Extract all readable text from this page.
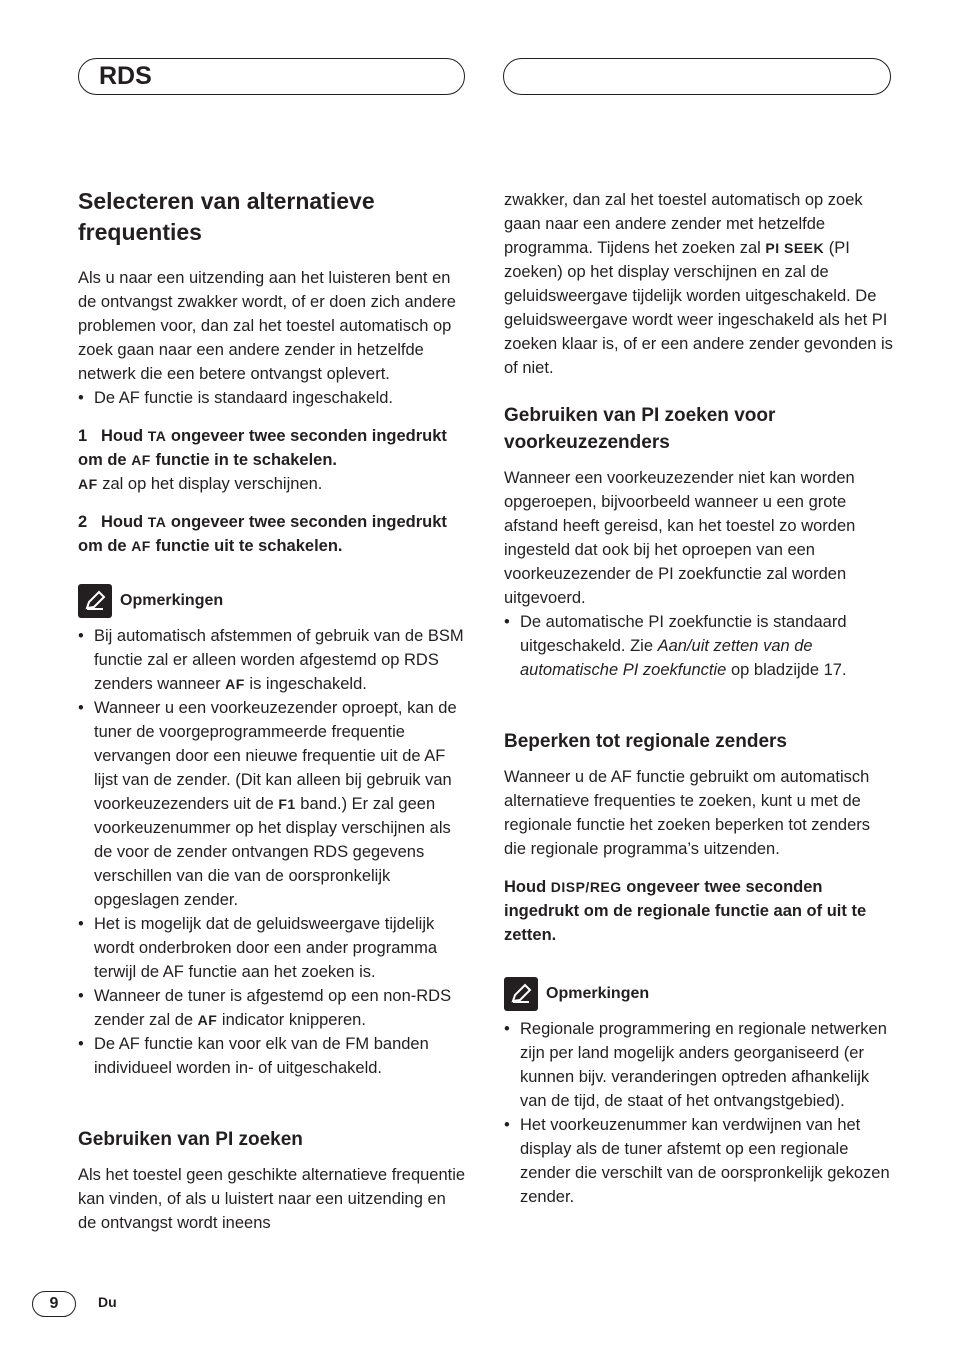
RDS
Selecteren van alternatieve frequenties

Als u naar een uitzending aan het luisteren bent en de ontvangst zwakker wordt, of er doen zich andere problemen voor, dan zal het toestel automatisch op zoek gaan naar een andere zender in hetzelfde netwerk die een betere ontvangst oplevert.

• De AF functie is standaard ingeschakeld.

1 Houd TA ongeveer twee seconden ingedrukt om de AF functie in te schakelen.

AF zal op het display verschijnen.

2 Houd TA ongeveer twee seconden ingedrukt om de AF functie uit te schakelen.

Opmerkingen
• Bij automatisch afstemmen of gebruik van de BSM functie zal er alleen worden afgestemd op RDS zenders wanneer AF is ingeschakeld.
• Wanneer u een voorkeuzezender oproept, kan de tuner de voorgeprogrammeerde frequentie vervangen door een nieuwe frequentie uit de AF lijst van de zender. (Dit kan alleen bij gebruik van voorkeuzezenders uit de F1 band.) Er zal geen voorkeuzenummer op het display verschijnen als de voor de zender ontvangen RDS gegevens verschillen van die van de oorspronkelijk opgeslagen zender.
• Het is mogelijk dat de geluidsweergave tijdelijk wordt onderbroken door een ander programma terwijl de AF functie aan het zoeken is.
• Wanneer de tuner is afgestemd op een non-RDS zender zal de AF indicator knipperen.
• De AF functie kan voor elk van de FM banden individueel worden in- of uitgeschakeld.
Gebruiken van PI zoeken

Als het toestel geen geschikte alternatieve frequentie kan vinden, of als u luistert naar een uitzending en de ontvangst wordt ineens

zwakker, dan zal het toestel automatisch op zoek gaan naar een andere zender met hetzelfde programma. Tijdens het zoeken zal PI SEEK (PI zoeken) op het display verschijnen en zal de geluidsweergave tijdelijk worden uitgeschakeld. De geluidsweergave wordt weer ingeschakeld als het PI zoeken klaar is, of er een andere zender gevonden is of niet.

Gebruiken van PI zoeken voor voorkeuzezenders

Wanneer een voorkeuzezender niet kan worden opgeroepen, bijvoorbeeld wanneer u een grote afstand heeft gereisd, kan het toestel zo worden ingesteld dat ook bij het oproepen van een voorkeuzezender de PI zoekfunctie zal worden uitgevoerd.

• De automatische PI zoekfunctie is standaard uitgeschakeld. Zie Aan/uit zetten van de automatische PI zoekfunctie op bladzijde 17.
Beperken tot regionale zenders

Wanneer u de AF functie gebruikt om automatisch alternatieve frequenties te zoeken, kunt u met de regionale functie het zoeken beperken tot zenders die regionale programma’s uitzenden.

Houd DISP/REG ongeveer twee seconden ingedrukt om de regionale functie aan of uit te zetten.

Opmerkingen
• Regionale programmering en regionale netwerken zijn per land mogelijk anders georganiseerd (er kunnen bijv. veranderingen optreden afhankelijk van de tijd, de staat of het ontvangstgebied).
• Het voorkeuzenummer kan verdwijnen van het display als de tuner afstemt op een regionale zender die verschilt van de oorspronkelijk gekozen zender.
9	Du
